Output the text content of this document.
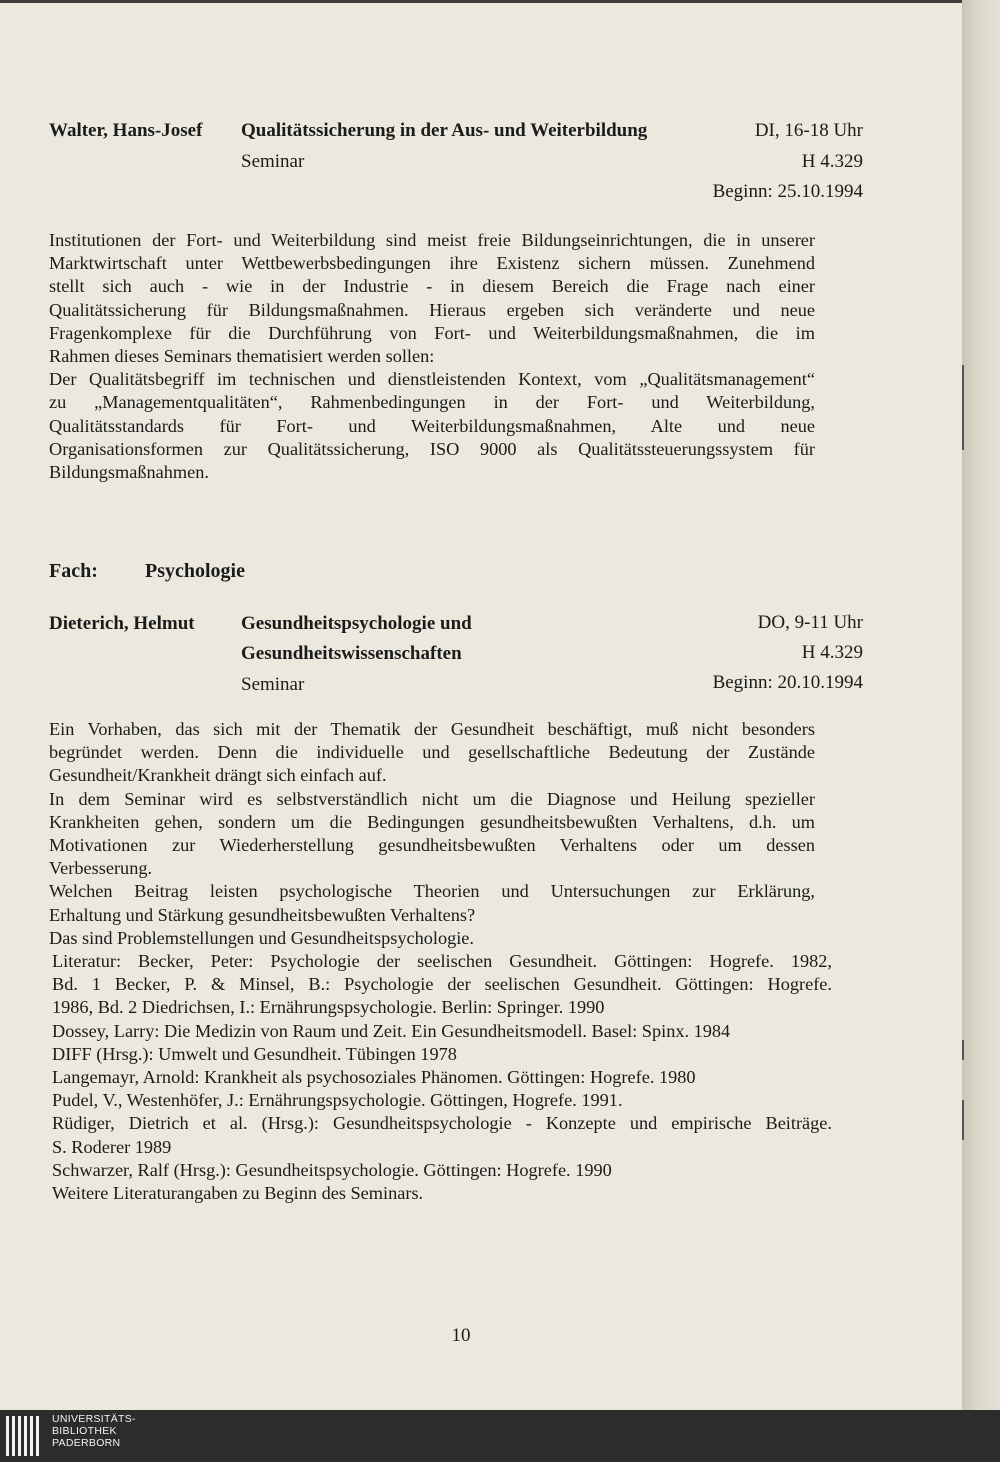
Walter, Hans-Josef Qualitätssicherung in der Aus- und Weiterbildung	DI, 16-18 Uhr
Seminar	H 4.329
Beginn: 25.10.1994

Institutionen der Fort- und Weiterbildung sind meist freie Bildungseinrichtungen, die in unserer
Marktwirtschaft unter Wettbewerbsbedingungen ihre Existenz sichern müssen. Zunehmend
stellt sich auch - wie in der Industrie - in diesem Bereich die Frage nach einer
Qualitätssicherung für Bildungsmaßnahmen. Hieraus ergeben sich veränderte und neue
Fragenkomplexe für die Durchführung von Fort- und Weiterbildungsmaßnahmen, die im
Rahmen dieses Seminars thematisiert werden sollen:
Der Qualitätsbegriff im technischen und dienstleistenden Kontext, vom „Qualitätsmanagement“
zu „Managementqualitäten“, Rahmenbedingungen in der Fort- und Weiterbildung,
Qualitätsstandards für Fort- und Weiterbildungsmaßnahmen, Alte und neue
Organisationsformen zur Qualitätssicherung, ISO 9000 als Qualitätssteuerungssystem für
Bildungsmaßnahmen.

Fach: Psychologie
Dieterich, Helmut Gesundheitspsychologie und	DO, 9-11 Uhr
Gesundheitswissenschaften	H 4.329
Seminar	Beginn: 20.10.1994

Ein Vorhaben, das sich mit der Thematik der Gesundheit beschäftigt, muß nicht besonders
begründet werden. Denn die individuelle und gesellschaftliche Bedeutung der Zustände
Gesundheit/Krankheit drängt sich einfach auf.
In dem Seminar wird es selbstverständlich nicht um die Diagnose und Heilung spezieller
Krankheiten gehen, sondern um die Bedingungen gesundheitsbewußten Verhaltens, d.h. um
Motivationen zur Wiederherstellung gesundheitsbewußten Verhaltens oder um dessen
Verbesserung.
Welchen Beitrag leisten psychologische Theorien und Untersuchungen zur Erklärung,
Erhaltung und Stärkung gesundheitsbewußten Verhaltens?
Das sind Problemstellungen und Gesundheitspsychologie.

Literatur: Becker, Peter: Psychologie der seelischen Gesundheit. Göttingen: Hogrefe. 1982,
Bd. 1 Becker, P. & Minsel, B.: Psychologie der seelischen Gesundheit. Göttingen: Hogrefe.
1986, Bd. 2 Diedrichsen, I.: Ernährungspsychologie. Berlin: Springer. 1990
Dossey, Larry: Die Medizin von Raum und Zeit. Ein Gesundheitsmodell. Basel: Spinx. 1984
DIFF (Hrsg.): Umwelt und Gesundheit. Tübingen 1978
Langemayr, Arnold: Krankheit als psychosoziales Phänomen. Göttingen: Hogrefe. 1980
Pudel, V., Westenhöfer, J.: Ernährungspsychologie. Göttingen, Hogrefe. 1991.
Rüdiger, Dietrich et al. (Hrsg.): Gesundheitspsychologie - Konzepte und empirische Beiträge.
S. Roderer 1989
Schwarzer, Ralf (Hrsg.): Gesundheitspsychologie. Göttingen: Hogrefe. 1990
Weitere Literaturangaben zu Beginn des Seminars.

10
UNIVERSITÄTS-
BIBLIOTHEK
PADERBORN
